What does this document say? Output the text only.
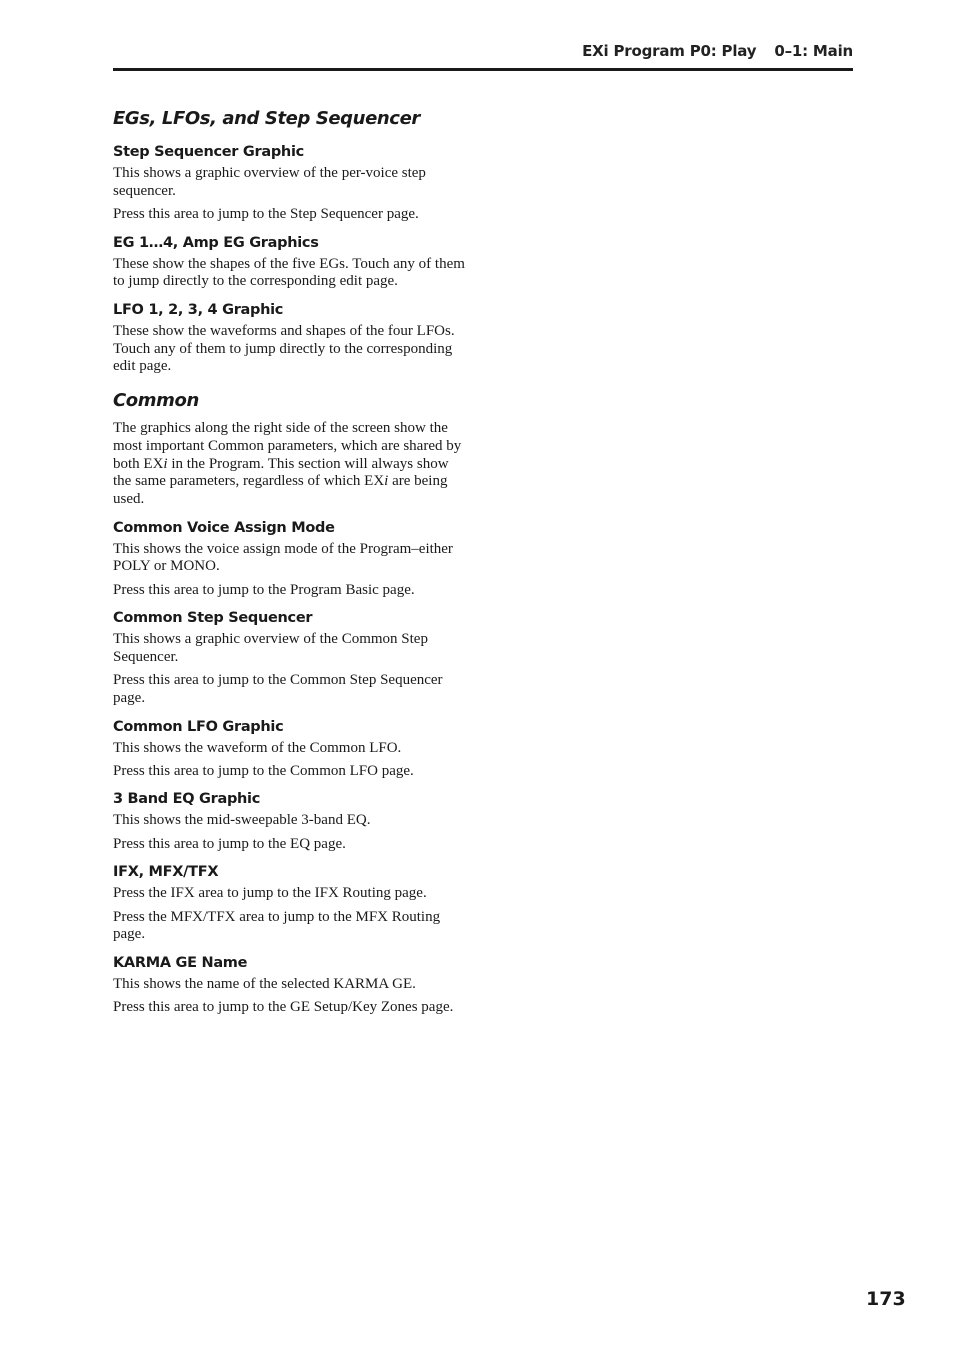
EXi Program P0: Play 0–1: Main
EGs, LFOs, and Step Sequencer
Step Sequencer Graphic

This shows a graphic overview of the per-voice step sequencer.

Press this area to jump to the Step Sequencer page.

EG 1…4, Amp EG Graphics

These show the shapes of the five EGs. Touch any of them to jump directly to the corresponding edit page.

LFO 1, 2, 3, 4 Graphic

These show the waveforms and shapes of the four LFOs. Touch any of them to jump directly to the corresponding edit page.

Common

The graphics along the right side of the screen show the most important Common parameters, which are shared by both EXi in the Program. This section will always show the same parameters, regardless of which EXi are being used.

Common Voice Assign Mode

This shows the voice assign mode of the Program–either POLY or MONO.

Press this area to jump to the Program Basic page.

Common Step Sequencer

This shows a graphic overview of the Common Step Sequencer.

Press this area to jump to the Common Step Sequencer page.

Common LFO Graphic

This shows the waveform of the Common LFO.

Press this area to jump to the Common LFO page.

3 Band EQ Graphic

This shows the mid-sweepable 3-band EQ.

Press this area to jump to the EQ page.

IFX, MFX/TFX

Press the IFX area to jump to the IFX Routing page.

Press the MFX/TFX area to jump to the MFX Routing page.

KARMA GE Name

This shows the name of the selected KARMA GE.

Press this area to jump to the GE Setup/Key Zones page.

173
